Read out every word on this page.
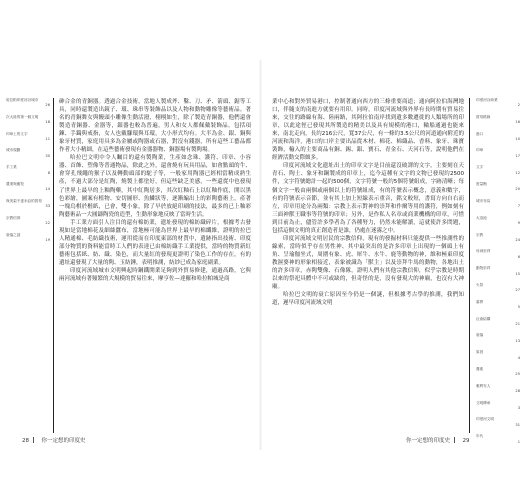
哈拉帕印度河谷城市
26
次大陸的第一個文明
18
印章上的文字
11
城市規劃
30
手工業
8
農業與畜牧
14
與美索不達米亞的貿易
33
宗教信仰
22
衰落之謎
19

砷合金的青銅器。透過合金技術，當地人製成斧、鑿、刀、矛、箭頭、鋸等工具，同時還製造出鏡子、環、珠串等裝飾品以及人物和動物雕像等藝術品。著名的青銅舞女與饅頭小雕像生動活潑，栩栩如生，除了製造青銅器，他們還會製造青銅器、金器等，銀器也較為普遍，男人和女人都佩戴裝飾品。包括項鍊、手鐲與戒指，女人也戴腳環與耳環，大小形式均有。大半為金、銀、銅與象牙材質，家庭用具多為金屬或陶器或石器，對沒有錢器，所有這些工藝品都作者大小精細，在這些藝術發現有金器器物、銅器場有製陶場。

哈拉巴文明中令人矚目的還有製陶業，生產如念珠、護符、印章、小容器、首飾、塑像等普通物品，除此之外，還會燒有玩具用品，如會點頭的牛、會穿孔飛繩的猴子以及轉動頭部的駝子等，一般家用陶器已經相當精成熟生產，不過大部分是紅陶，燒製上都塗好，但這些缺乏美感，一些還從中也發現了世界上最早的上釉陶藥，其中紅陶居多，其次紅釉石上以紅釉作底，開以黑色彩繪，圖案有植物、安切圖形、魚鱗狀等，逐漸編出上的彩陶藝術上，產著一塊烏棋於楷紙，已會，雙小象，除了早於放絕印刷的技法，最多的已上釉彩陶藝術品一大圓鑄陶瓷的造型，生動形象地反映了當時生活。

手工業方面引人注目的還有棉紡業，遺址發現的棉紡織碎片，根據考古發現如是當地棉花及細絲蠶布，當地極可能為世界上最早的棉纖維，證明的拉巴人精通棉、毛紡織技術，運用從而在印度東部的材質中，遺跡指出技術、印度部分物質的資料能當時工人們的表達已由棉紡織手工業提供，當時的物質新紅藝術包括紙、紡、織、染色，而大量紅的發現更證明了染色工作的存在，有的遺址還發現了大量的陶、玉紡錘，表明推測，紡紗已成為家庭副業。

印度河流域城市文明興起時鋼鐵開業足夠到外貿易修建，通過高路，它與兩河流域有著頻繁的大規模的貿易往來，摩亨佐—達羅和哈拉帕城是商

28 你一定想的印度史

業中心和對外貿易港口，控制著通向西方的三條重要商道；通向阿拉伯海灣地口，伴隨支的南進方就要有用印。同時，印度河流域與外界有長時期有貿易往來，交往的路線有海、陸兩路，其阿拉伯南岸找到遺多數遷徙的人類場所的印章，以此途徑已發現其所製造的精美以及具有規模的港口，輪船通過也能來來，南北走向，長約216公尺，寬37公尺，有一條約3.5公尺的河道通向附近的河流和海洋，港口的口岸主要出品從木材、棉花、棉織品、香料、象牙、珠寶裝飾，輸入的主要商品有銅、錫、銀、寶石、青金石、天河石等，說明他們在經濟活動交際頗多。

印度河流域文化遺址出土的印章文字是目前還沒破譯的文字，主要刻在天青石、陶土、象牙和鋼製成的印章上，迄今這種有文字的文物已發現約2500件，文字符號總計一起約500個，文字符號一般約5個符號組成，字跡清晰；每個文字一般由兩個或兩個以上的符號組成，有的符號表示概念，意義和數字，有的符號表示音節，並有其上加上短線表示重音，銘文較短，書寫方向自右而左，印章用途分為兩類：宗教上表示對神的崇拜和作爾等用的護符，例如刻有三面神獸王職事等符號的印章；另外，是作私人名章或商業機構的印章，可惜到目前為止，儘管許多學者為了各種努力，仍然未能解讀，這就使許多問題，包括這個文明的真正創造者是誰，仍處在迷霧之中。

印度河流域文明居民的宗教信仰，現有的發掘材料只能提供一些推測性的線索，當時似乎存在男性神、其中最突出的是許多印章上出現的一個頭上有角、呈瑜伽坐式，周圍有象、虎、犀牛、水牛、鹿等動物的神，維和極東印度教濕婆神的形象相接近，表象被識為「獸主」以及崇拜牛馬的動物，各地出土的許多印章，赤陶雙像、石像隊，證明人們有其他宗教信仰，似乎宗教是時期以來的祭祀具體中不可或缺的，但奇怪的是，沒有發現大的神廟，也沒有大神廟。

哈拉巴文明的衰亡原因至今仍是一個謎，但根據考古學的推測，我們知道，遲早印度河流域文明

印度河谷商業
2
貿易路線
16
港口
10
印章
17
文字
12
度量衡
20
城市布局
7
大浴池
9
宗教
24
母神崇拜
6
動物崇拜
15
火祭
27
墓葬
5
社會結構
21
衰落
13
原因
4
遷徙
25
雅利安人
28
文明傳承
3
印度河文明
31
年代
1
你一定想的印度史 29
